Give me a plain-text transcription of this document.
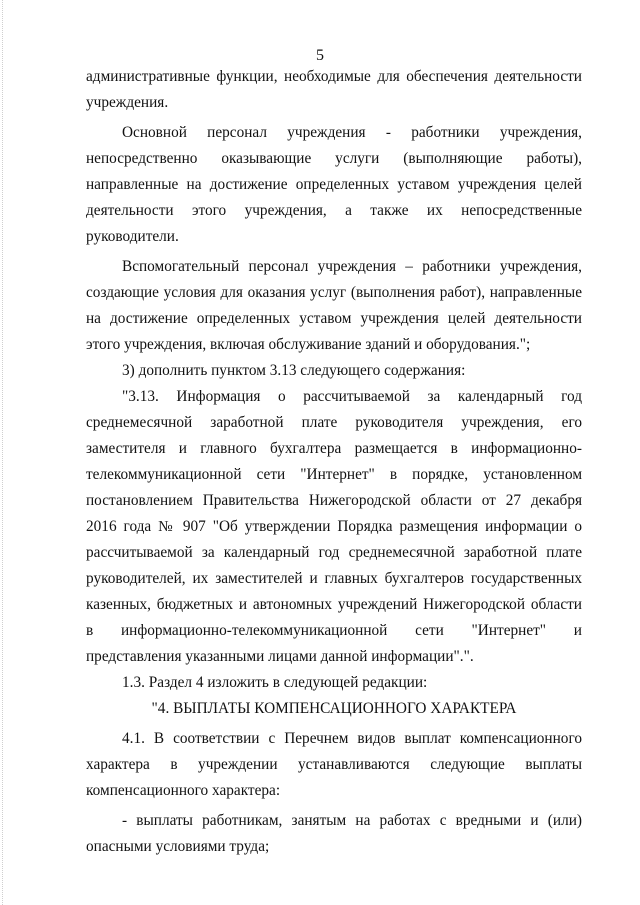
5

административные функции, необходимые для обеспечения деятельности
учреждения.

Основной персонал учреждения - работники учреждения,
непосредственно оказывающие услуги (выполняющие работы),
направленные на достижение определенных уставом учреждения целей
деятельности этого учреждения, а также их непосредственные
руководители.

Вспомогательный персонал учреждения – работники учреждения,
создающие условия для оказания услуг (выполнения работ), направленные
на достижение определенных уставом учреждения целей деятельности
этого учреждения, включая обслуживание зданий и оборудования.";

3) дополнить пунктом 3.13 следующего содержания:

"3.13. Информация о рассчитываемой за календарный год
среднемесячной заработной плате руководителя учреждения, его
заместителя и главного бухгалтера размещается в информационно-
телекоммуникационной сети "Интернет" в порядке, установленном
постановлением Правительства Нижегородской области от 27 декабря
2016 года № 907 "Об утверждении Порядка размещения информации о
рассчитываемой за календарный год среднемесячной заработной плате
руководителей, их заместителей и главных бухгалтеров государственных
казенных, бюджетных и автономных учреждений Нижегородской области
в информационно-телекоммуникационной сети "Интернет" и
представления указанными лицами данной информации".".

1.3. Раздел 4 изложить в следующей редакции:

"4. ВЫПЛАТЫ КОМПЕНСАЦИОННОГО ХАРАКТЕРА

4.1. В соответствии с Перечнем видов выплат компенсационного
характера в учреждении устанавливаются следующие выплаты
компенсационного характера:

- выплаты работникам, занятым на работах с вредными и (или)
опасными условиями труда;
